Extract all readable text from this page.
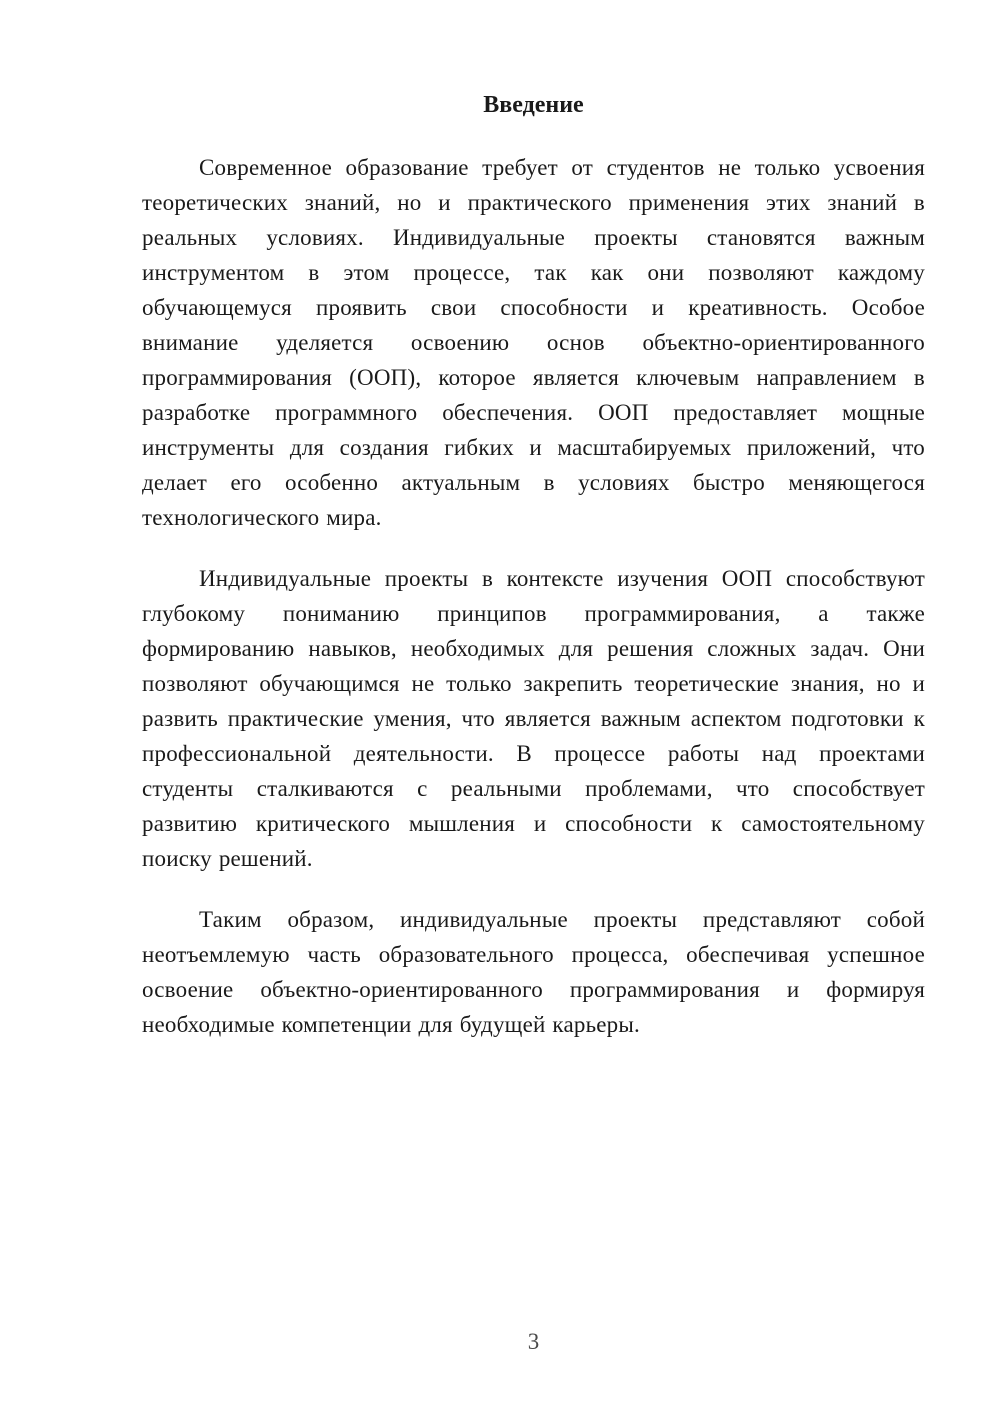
Введение

Современное образование требует от студентов не только усвоения теоретических знаний, но и практического применения этих знаний в реальных условиях. Индивидуальные проекты становятся важным инструментом в этом процессе, так как они позволяют каждому обучающемуся проявить свои способности и креативность. Особое внимание уделяется освоению основ объектно-ориентированного программирования (ООП), которое является ключевым направлением в разработке программного обеспечения. ООП предоставляет мощные инструменты для создания гибких и масштабируемых приложений, что делает его особенно актуальным в условиях быстро меняющегося технологического мира.

Индивидуальные проекты в контексте изучения ООП способствуют глубокому пониманию принципов программирования, а также формированию навыков, необходимых для решения сложных задач. Они позволяют обучающимся не только закрепить теоретические знания, но и развить практические умения, что является важным аспектом подготовки к профессиональной деятельности. В процессе работы над проектами студенты сталкиваются с реальными проблемами, что способствует развитию критического мышления и способности к самостоятельному поиску решений.

Таким образом, индивидуальные проекты представляют собой неотъемлемую часть образовательного процесса, обеспечивая успешное освоение объектно-ориентированного программирования и формируя необходимые компетенции для будущей карьеры.

3
